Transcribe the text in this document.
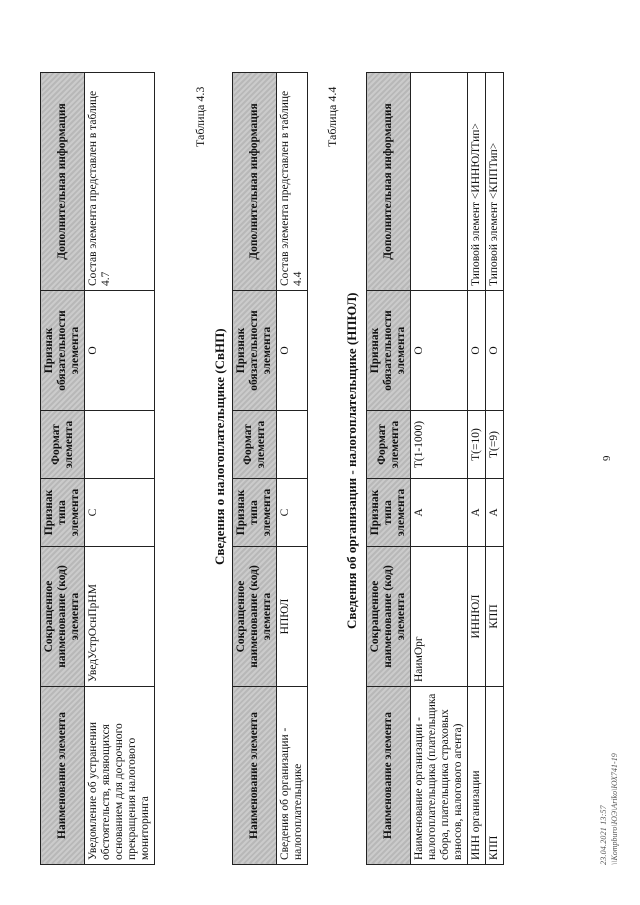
Наименование элемента	Сокращенное наименование (код) элемента	Признак типа элемента	Формат элемента	Признак обязательности элемента	Дополнительная информация
Уведомление об устранении обстоятельств, являющихся основанием для досрочного прекращения налогового мониторинга	УведУстрОснПрНМ	С		О	Состав элемента представлен в таблице 4.7
Таблица 4.3
Сведения о налогоплательщике (СвНП)
Наименование элемента	Сокращенное наименование (код) элемента	Признак типа элемента	Формат элемента	Признак обязательности элемента	Дополнительная информация
Сведения об организации - налогоплательщике	НПЮЛ	С		О	Состав элемента представлен в таблице 4.4
Таблица 4.4
Сведения об организации - налогоплательщике (НПЮЛ)
Наименование элемента	Сокращенное наименование (код) элемента	Признак типа элемента	Формат элемента	Признак обязательности элемента	Дополнительная информация
Наименование организации - налогоплательщика (плательщика сбора, плательщика страховых взносов, налогового агента)	НаимОрг	А	Т(1-1000)	О	
ИНН организации	ИННЮЛ	А	Т(=10)	О	Типовой элемент <ИННЮЛТип>
КПП	КПП	А	Т(=9)	О	Типовой элемент <КППТип>
6
23.04.2021 13:57 \\Kompburo\ЮЭ\Ariko\ЮХ741-19
